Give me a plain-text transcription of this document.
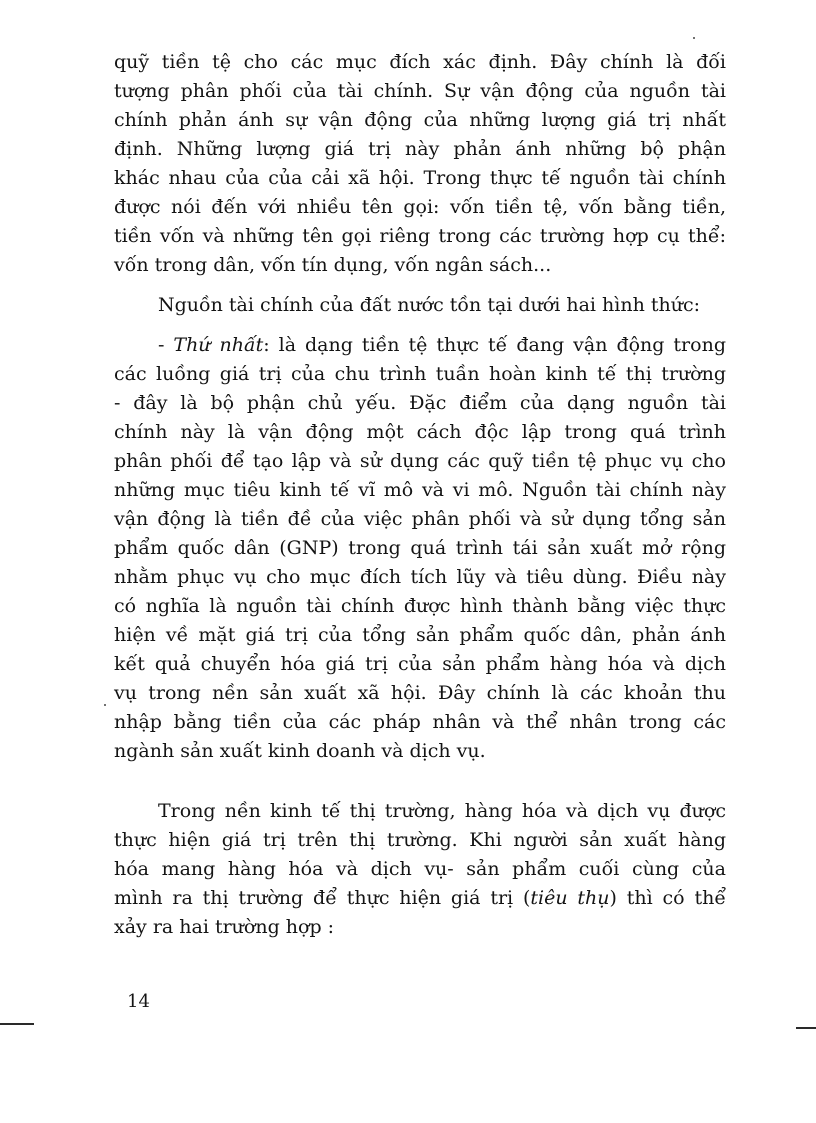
quỹ tiền tệ cho các mục đích xác định. Đây chính là đối
tượng phân phối của tài chính. Sự vận động của nguồn tài
chính phản ánh sự vận động của những lượng giá trị nhất
định. Những lượng giá trị này phản ánh những bộ phận
khác nhau của của cải xã hội. Trong thực tế nguồn tài chính
được nói đến với nhiều tên gọi: vốn tiền tệ, vốn bằng tiền,
tiền vốn và những tên gọi riêng trong các trường hợp cụ thể:
vốn trong dân, vốn tín dụng, vốn ngân sách...
Nguồn tài chính của đất nước tồn tại dưới hai hình thức:
- Thứ nhất: là dạng tiền tệ thực tế đang vận động trong
các luồng giá trị của chu trình tuần hoàn kinh tế thị trường
- đây là bộ phận chủ yếu. Đặc điểm của dạng nguồn tài
chính này là vận động một cách độc lập trong quá trình
phân phối để tạo lập và sử dụng các quỹ tiền tệ phục vụ cho
những mục tiêu kinh tế vĩ mô và vi mô. Nguồn tài chính này
vận động là tiền đề của việc phân phối và sử dụng tổng sản
phẩm quốc dân (GNP) trong quá trình tái sản xuất mở rộng
nhằm phục vụ cho mục đích tích lũy và tiêu dùng. Điều này
có nghĩa là nguồn tài chính được hình thành bằng việc thực
hiện về mặt giá trị của tổng sản phẩm quốc dân, phản ánh
kết quả chuyển hóa giá trị của sản phẩm hàng hóa và dịch
vụ trong nền sản xuất xã hội. Đây chính là các khoản thu
nhập bằng tiền của các pháp nhân và thể nhân trong các
ngành sản xuất kinh doanh và dịch vụ.
Trong nền kinh tế thị trường, hàng hóa và dịch vụ được
thực hiện giá trị trên thị trường. Khi người sản xuất hàng
hóa mang hàng hóa và dịch vụ- sản phẩm cuối cùng của
mình ra thị trường để thực hiện giá trị (tiêu thụ) thì có thể
xảy ra hai trường hợp :
14
